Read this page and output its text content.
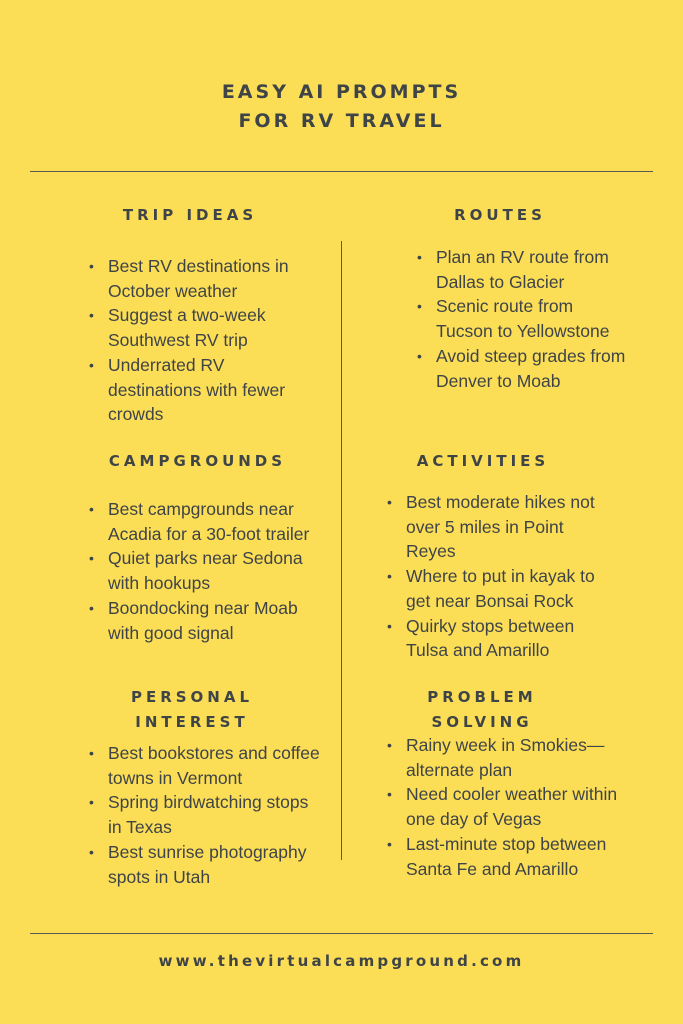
EASY AI PROMPTS
FOR RV TRAVEL
TRIP IDEAS
• Best RV destinations in October weather
• Suggest a two-week Southwest RV trip
• Underrated RV destinations with fewer crowds
ROUTES
• Plan an RV route from Dallas to Glacier
• Scenic route from Tucson to Yellowstone
• Avoid steep grades from Denver to Moab
CAMPGROUNDS
• Best campgrounds near Acadia for a 30-foot trailer
• Quiet parks near Sedona with hookups
• Boondocking near Moab with good signal
ACTIVITIES
• Best moderate hikes not over 5 miles in Point Reyes
• Where to put in kayak to get near Bonsai Rock
• Quirky stops between Tulsa and Amarillo
PERSONAL
INTEREST
• Best bookstores and coffee towns in Vermont
• Spring birdwatching stops in Texas
• Best sunrise photography spots in Utah
PROBLEM
SOLVING
• Rainy week in Smokies—alternate plan
• Need cooler weather within one day of Vegas
• Last-minute stop between Santa Fe and Amarillo
www.thevirtualcampground.com
